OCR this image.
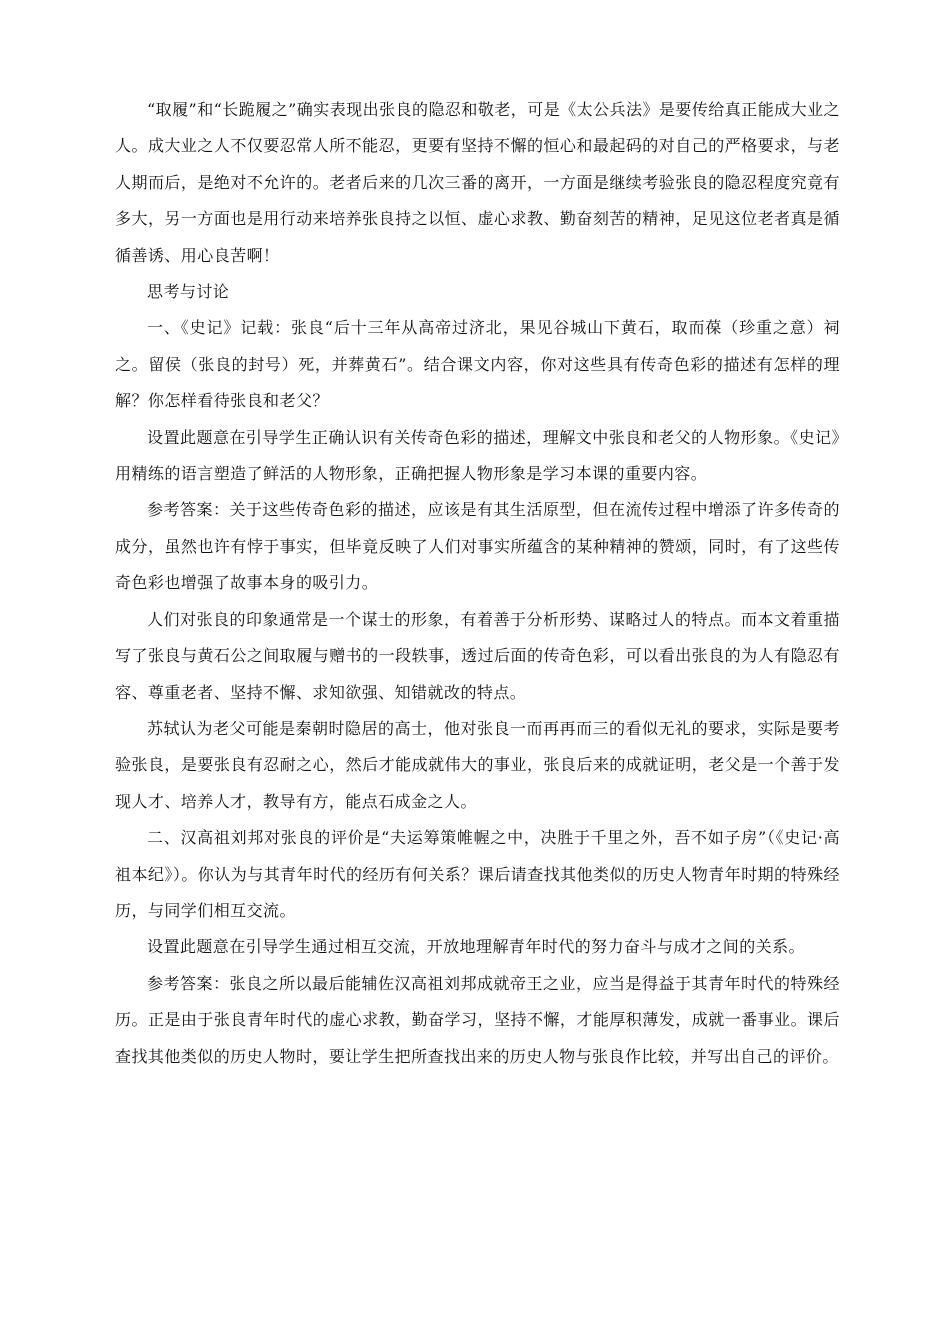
“取履”和“长跪履之”确实表现出张良的隐忍和敬老，可是《太公兵法》是要传给真正能成大业之人。成大业之人不仅要忍常人所不能忍，更要有坚持不懈的恒心和最起码的对自己的严格要求，与老人期而后，是绝对不允许的。老者后来的几次三番的离开，一方面是继续考验张良的隐忍程度究竟有多大，另一方面也是用行动来培养张良持之以恒、虚心求教、勤奋刻苦的精神，足见这位老者真是循循善诱、用心良苦啊！

思考与讨论

一、《史记》记载：张良“后十三年从高帝过济北，果见谷城山下黄石，取而葆（珍重之意）祠之。留侯（张良的封号）死，并葬黄石”。结合课文内容，你对这些具有传奇色彩的描述有怎样的理解？你怎样看待张良和老父？

设置此题意在引导学生正确认识有关传奇色彩的描述，理解文中张良和老父的人物形象。《史记》用精练的语言塑造了鲜活的人物形象，正确把握人物形象是学习本课的重要内容。

参考答案：关于这些传奇色彩的描述，应该是有其生活原型，但在流传过程中增添了许多传奇的成分，虽然也许有悖于事实，但毕竟反映了人们对事实所蕴含的某种精神的赞颂，同时，有了这些传奇色彩也增强了故事本身的吸引力。

人们对张良的印象通常是一个谋士的形象，有着善于分析形势、谋略过人的特点。而本文着重描写了张良与黄石公之间取履与赠书的一段轶事，透过后面的传奇色彩，可以看出张良的为人有隐忍有容、尊重老者、坚持不懈、求知欲强、知错就改的特点。

苏轼认为老父可能是秦朝时隐居的高士，他对张良一而再再而三的看似无礼的要求，实际是要考验张良，是要张良有忍耐之心，然后才能成就伟大的事业，张良后来的成就证明，老父是一个善于发现人才、培养人才，教导有方，能点石成金之人。

二、汉高祖刘邦对张良的评价是“夫运筹策帷幄之中，决胜于千里之外，吾不如子房”（《史记·高祖本纪》）。你认为与其青年时代的经历有何关系？课后请查找其他类似的历史人物青年时期的特殊经历，与同学们相互交流。

设置此题意在引导学生通过相互交流，开放地理解青年时代的努力奋斗与成才之间的关系。

参考答案：张良之所以最后能辅佐汉高祖刘邦成就帝王之业，应当是得益于其青年时代的特殊经历。正是由于张良青年时代的虚心求教，勤奋学习，坚持不懈，才能厚积薄发，成就一番事业。课后查找其他类似的历史人物时，要让学生把所查找出来的历史人物与张良作比较，并写出自己的评价。
